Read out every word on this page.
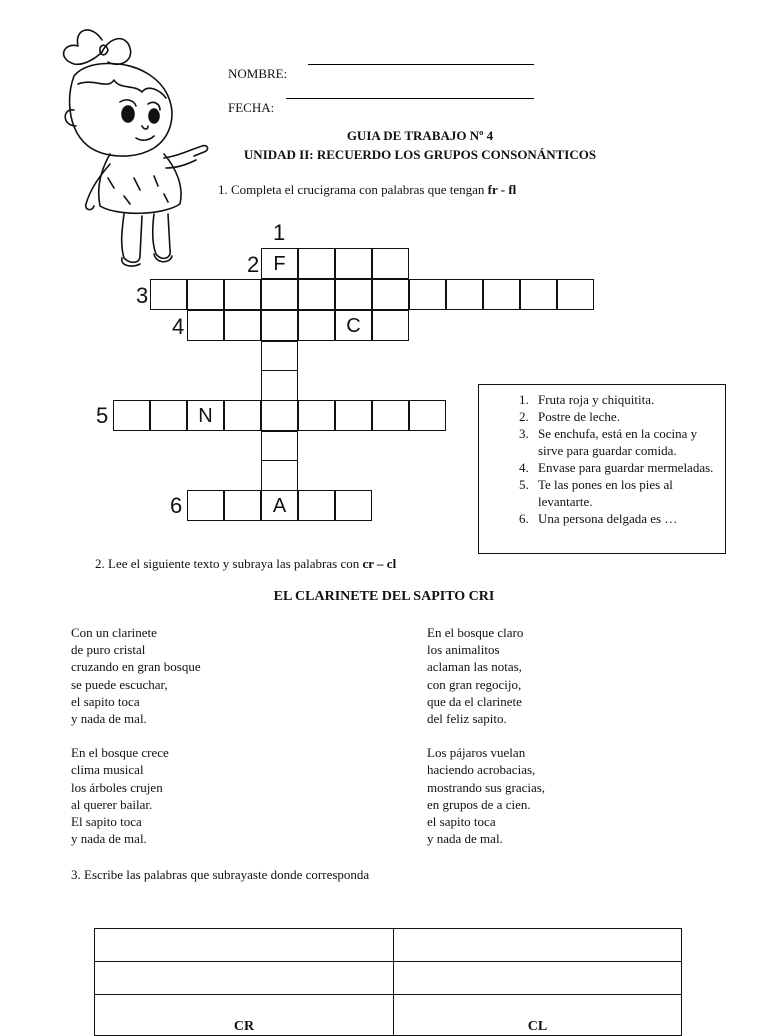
NOMBRE:
FECHA:
GUIA DE TRABAJO Nº 4
UNIDAD II: RECUERDO LOS GRUPOS CONSONÁNTICOS
1. Completa el crucigrama con palabras que tengan fr - fl
1
2
3
4
5
6
F
C
N
A
1. Fruta roja y chiquitita.
2. Postre de leche.
3. Se enchufa, está en la cocina y sirve para guardar comida.
4. Envase para guardar mermeladas.
5. Te las pones en los pies al levantarte.
6. Una persona delgada es …
2. Lee el siguiente texto y subraya las palabras con cr – cl
EL CLARINETE DEL SAPITO CRI
Con un clarinete
de puro cristal
cruzando en gran bosque
se puede escuchar,
el sapito toca
y nada de mal.
En el bosque crece
clima musical
los árboles crujen
al querer bailar.
El sapito toca
y nada de mal.
En el bosque claro
los animalitos
aclaman las notas,
con gran regocijo,
que da el clarinete
del feliz sapito.
Los pájaros vuelan
haciendo acrobacias,
mostrando sus gracias,
en grupos de a cien.
el sapito toca
y nada de mal.
3. Escribe las palabras que subrayaste donde corresponda

CR	CL
